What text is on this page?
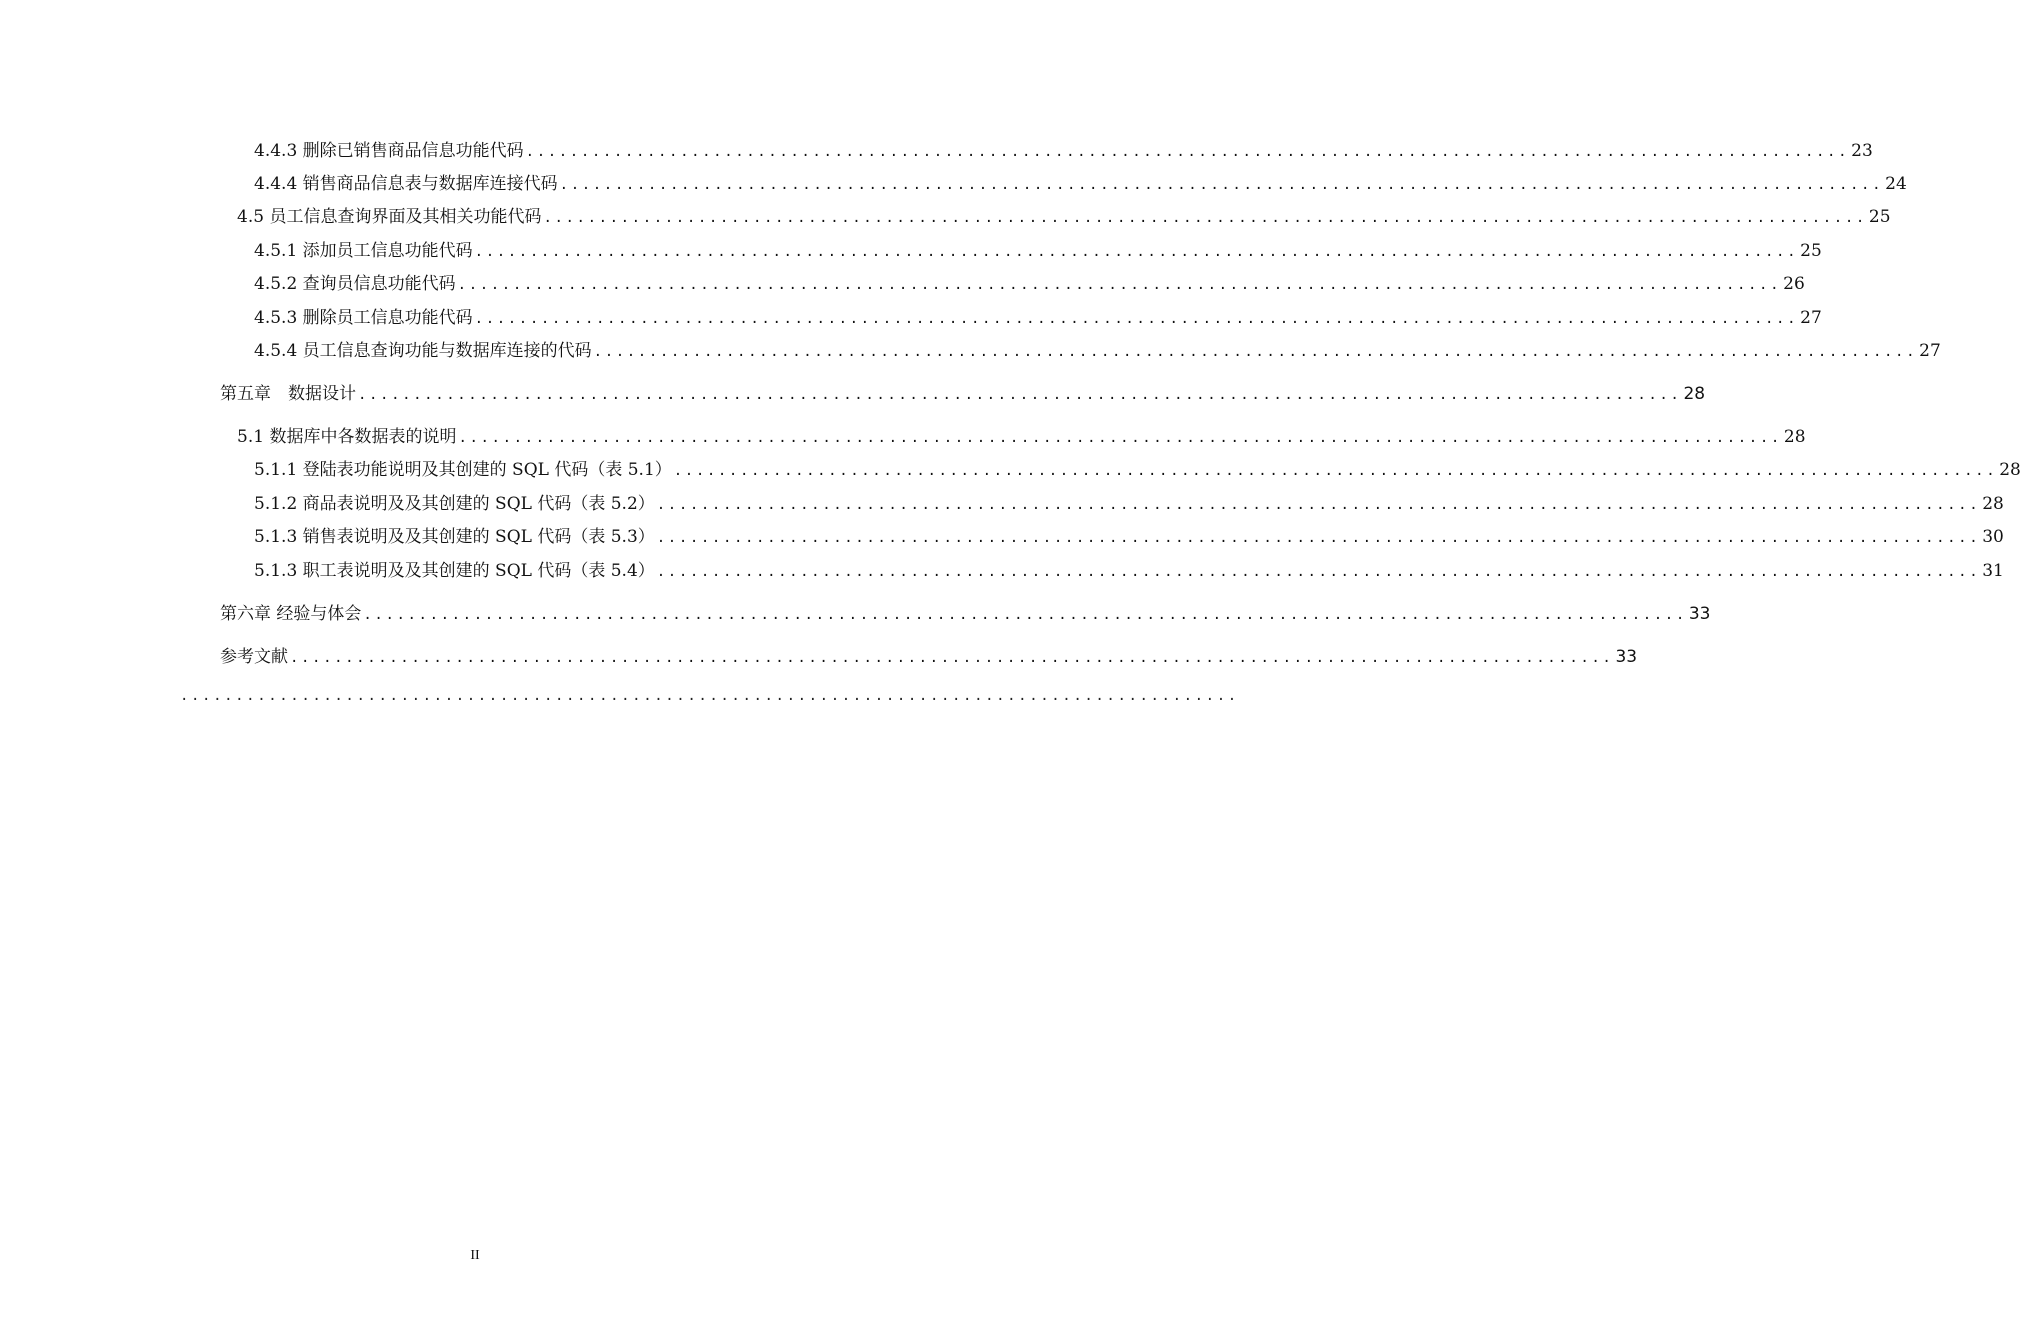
4.4.3 删除已销售商品信息功能代码 ........................................................................................................................ 23
4.4.4 销售商品信息表与数据库连接代码 ........................................................................................................................ 24
4.5 员工信息查询界面及其相关功能代码 ........................................................................................................................ 25
4.5.1 添加员工信息功能代码 ........................................................................................................................ 25
4.5.2 查询员信息功能代码 ........................................................................................................................ 26
4.5.3 删除员工信息功能代码 ........................................................................................................................ 27
4.5.4 员工信息查询功能与数据库连接的代码 ........................................................................................................................ 27
第五章　数据设计 ........................................................................................................................ 28
5.1 数据库中各数据表的说明 ........................................................................................................................ 28
5.1.1 登陆表功能说明及其创建的 SQL 代码（表 5.1） ........................................................................................................................ 28
5.1.2 商品表说明及及其创建的 SQL 代码（表 5.2） ........................................................................................................................ 28
5.1.3 销售表说明及及其创建的 SQL 代码（表 5.3） ........................................................................................................................ 30
5.1.3 职工表说明及及其创建的 SQL 代码（表 5.4） ........................................................................................................................ 31
第六章 经验与体会 ........................................................................................................................ 33
参考文献 ........................................................................................................................ 33
................................................................................................
II
